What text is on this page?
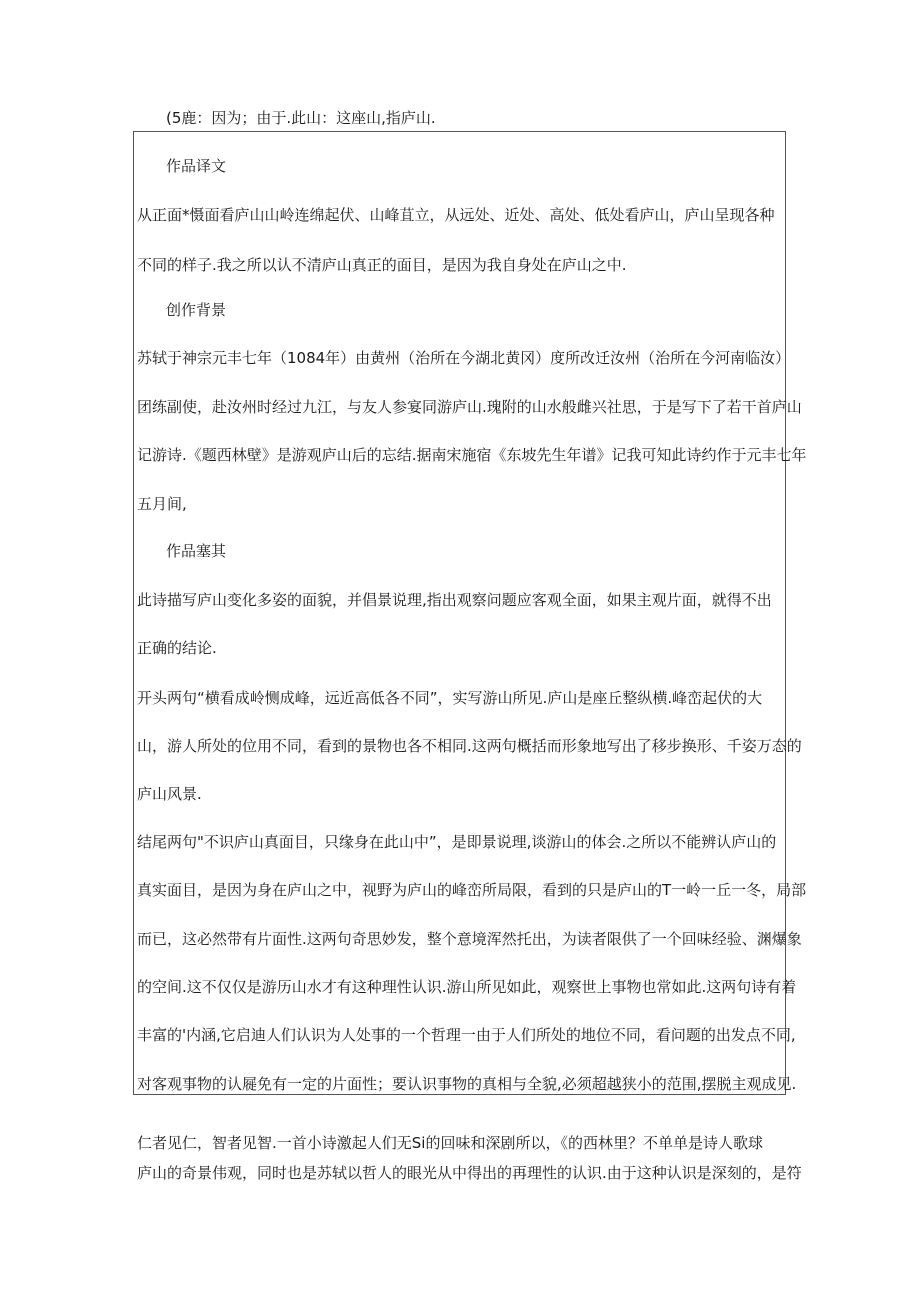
(5鹿：因为；由于.此山：这座山,指庐山.
作品译文
从正面*慑面看庐山山岭连绵起伏、山峰苴立，从远处、近处、高处、低处看庐山，庐山呈现各种
不同的样子.我之所以认不清庐山真正的面目，是因为我自身处在庐山之中.
创作背景
苏轼于神宗元丰七年（1084年）由黄州（治所在今湖北黄冈）度所改迁汝州（治所在今河南临汝）
团练副使，赴汝州时经过九江，与友人参宴同游庐山.瑰附的山水般雌兴社思，于是写下了若干首庐山
记游诗.《题西林壁》是游观庐山后的忘结.据南宋施宿《东坡先生年谱》记我可知此诗约作于元丰七年
五月间,
作品塞其
此诗描写庐山变化多姿的面貌，并倡景说理,指出观察问题应客观全面，如果主观片面，就得不出
正确的结论.
开头两句“横看成岭恻成峰，远近高低各不同”，实写游山所见.庐山是座丘整纵横.峰峦起伏的大
山，游人所处的位用不同，看到的景物也各不相同.这两句概括而形象地写出了移步换形、千姿万态的
庐山风景.
结尾两句"不识庐山真面目，只缘身在此山中”，是即景说理,谈游山的体会.之所以不能辨认庐山的
真实面目，是因为身在庐山之中，视野为庐山的峰峦所局限，看到的只是庐山的T一岭一丘一冬，局部
而已，这必然带有片面性.这两句奇思妙发，整个意境浑然托出，为读者限供了一个回味经验、渊爆象
的空间.这不仅仅是游历山水才有这种理性认识.游山所见如此，观察世上事物也常如此.这两句诗有着
丰富的'内涵,它启迪人们认识为人处事的一个哲理一由于人们所处的地位不同，看问题的出发点不同,
对客观事物的认屣免有一定的片面性；要认识事物的真相与全貌,必须超越狭小的范围,摆脱主观成见.
仁者见仁，智者见智.一首小诗激起人们无Si的回味和深剧所以，《的西林里？不单单是诗人歌球
庐山的奇景伟观，同时也是苏轼以哲人的眼光从中得出的再理性的认识.由于这种认识是深刻的，是符
